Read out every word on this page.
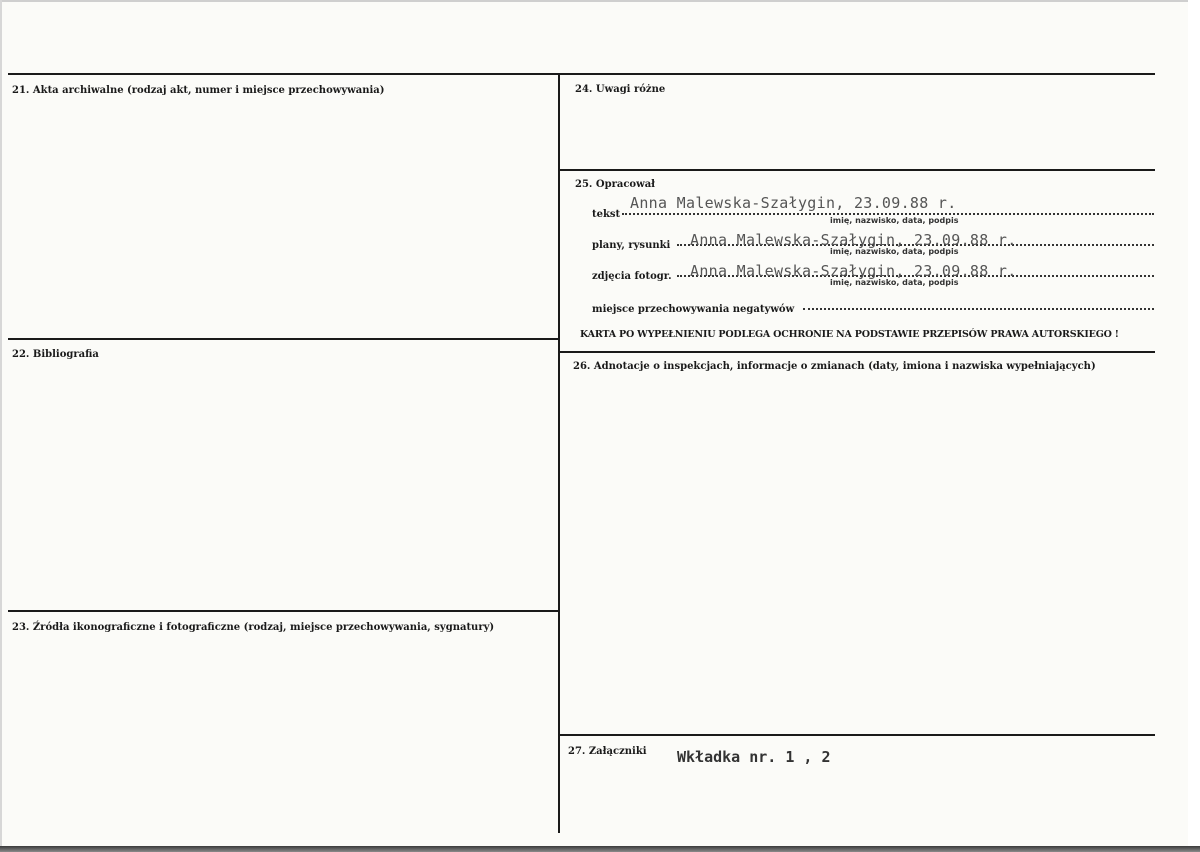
21. Akta archiwalne (rodzaj akt, numer i miejsce przechowywania)
22. Bibliografia
23. Źródła ikonograficzne i fotograficzne (rodzaj, miejsce przechowywania, sygnatury)
24. Uwagi różne
25. Opracował
tekst
Anna Malewska-Szałygin, 23.09.88 r.
imię, nazwisko, data, podpis
plany, rysunki Anna Malewska-Szałygin, 23.09.88 r.
imię, nazwisko, data, podpis
zdjęcia fotogr. Anna Malewska-Szałygin, 23.09.88 r.
imię, nazwisko, data, podpis
miejsce przechowywania negatywów
KARTA PO WYPEŁNIENIU PODLEGA OCHRONIE NA PODSTAWIE PRZEPISÓW PRAWA AUTORSKIEGO !
26. Adnotacje o inspekcjach, informacje o zmianach (daty, imiona i nazwiska wypełniających)
27. Załączniki Wkładka nr. 1 , 2
